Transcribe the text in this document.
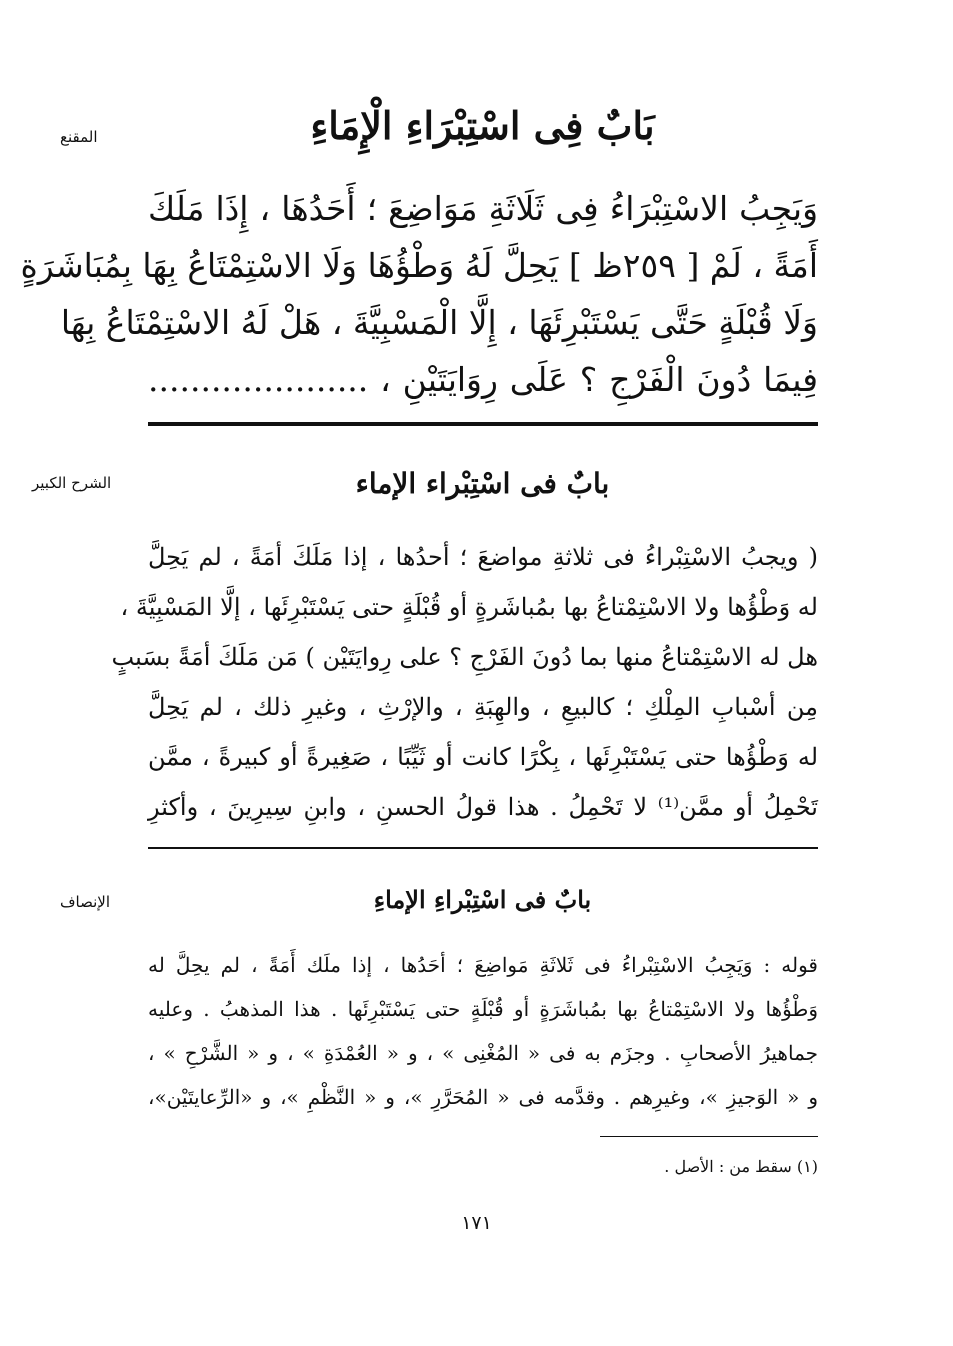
المقنع	بَابٌ فِى اسْتِبْرَاءِ الْإِمَاءِ
وَيَجِبُ الاسْتِبْرَاءُ فِى ثَلَاثَةِ مَوَاضِعَ ؛ أَحَدُهَا ، إِذَا مَلَكَ
أَمَةً ، لَمْ [ ٢٥٩ظ ] يَحِلَّ لَهُ وَطْؤُهَا وَلَا الاسْتِمْتَاعُ بِهَا بِمُبَاشَرَةٍ
وَلَا قُبْلَةٍ حَتَّى يَسْتَبْرِئَهَا ، إِلَّا الْمَسْبِيَّةَ ، هَلْ لَهُ الاسْتِمْتَاعُ بِهَا
فِيمَا دُونَ الْفَرْجِ ؟ عَلَى رِوَايَتَيْنِ ، .....................
الشرح الكبير	بابٌ فى اسْتِبْراء الإماء
( ويجبُ الاسْتِبْراءُ فى ثلاثةِ مواضعَ ؛ أحدُها ، إذا مَلَكَ أمَةً ، لم يَحِلَّ
له وَطْؤُها ولا الاسْتِمْتاعُ بها بمُباشَرةٍ أو قُبْلَةٍ حتى يَسْتَبْرِئَها ، إلَّا المَسْبِيَّةَ ،
هل له الاسْتِمْتاعُ منها بما دُونَ الفَرْجِ ؟ على رِوايَتَيْن ) مَن مَلَكَ أمَةً بسَببٍ
مِن أسْبابِ المِلْكِ ؛ كالبيعِ ، والهِبَةِ ، والإرْثِ ، وغيرِ ذلك ، لم يَحِلَّ
له وَطْؤُها حتى يَسْتَبْرِئَها ، بِكْرًا كانت أو ثَيِّبًا ، صَغِيرةً أو كبيرةً ، ممَّن
تَحْمِلُ أو ممَّن⁽¹⁾ لا تَحْمِلُ . هذا قولُ الحسنِ ، وابنِ سِيرِينَ ، وأكثرِ
الإنصاف	بابٌ فى اسْتِبْراءِ الإماءِ
قوله : وَيَجِبُ الاسْتِبْراءُ فى ثَلاثَةِ مَواضِعَ ؛ أحَدُها ، إذا ملَك أَمَةً ، لم يحِلَّ له
وَطْؤُها ولا الاسْتِمْتاعُ بها بمُباشَرَةٍ أو قُبْلَةٍ حتى يَسْتَبْرِئَها . هذا المذهبُ . وعليه
جماهيرُ الأصحابِ . وجزَم به فى « المُغْنِى » ، و « العُمْدَةِ » ، و « الشَّرْحِ » ،
و « الوَجيزِ »، وغيرِهم . وقدَّمه فى « المُحَرَّرِ »، و « النَّظْمِ »، و «الرِّعايتَيْن»،
(١) سقط من : الأصل .
١٧١
